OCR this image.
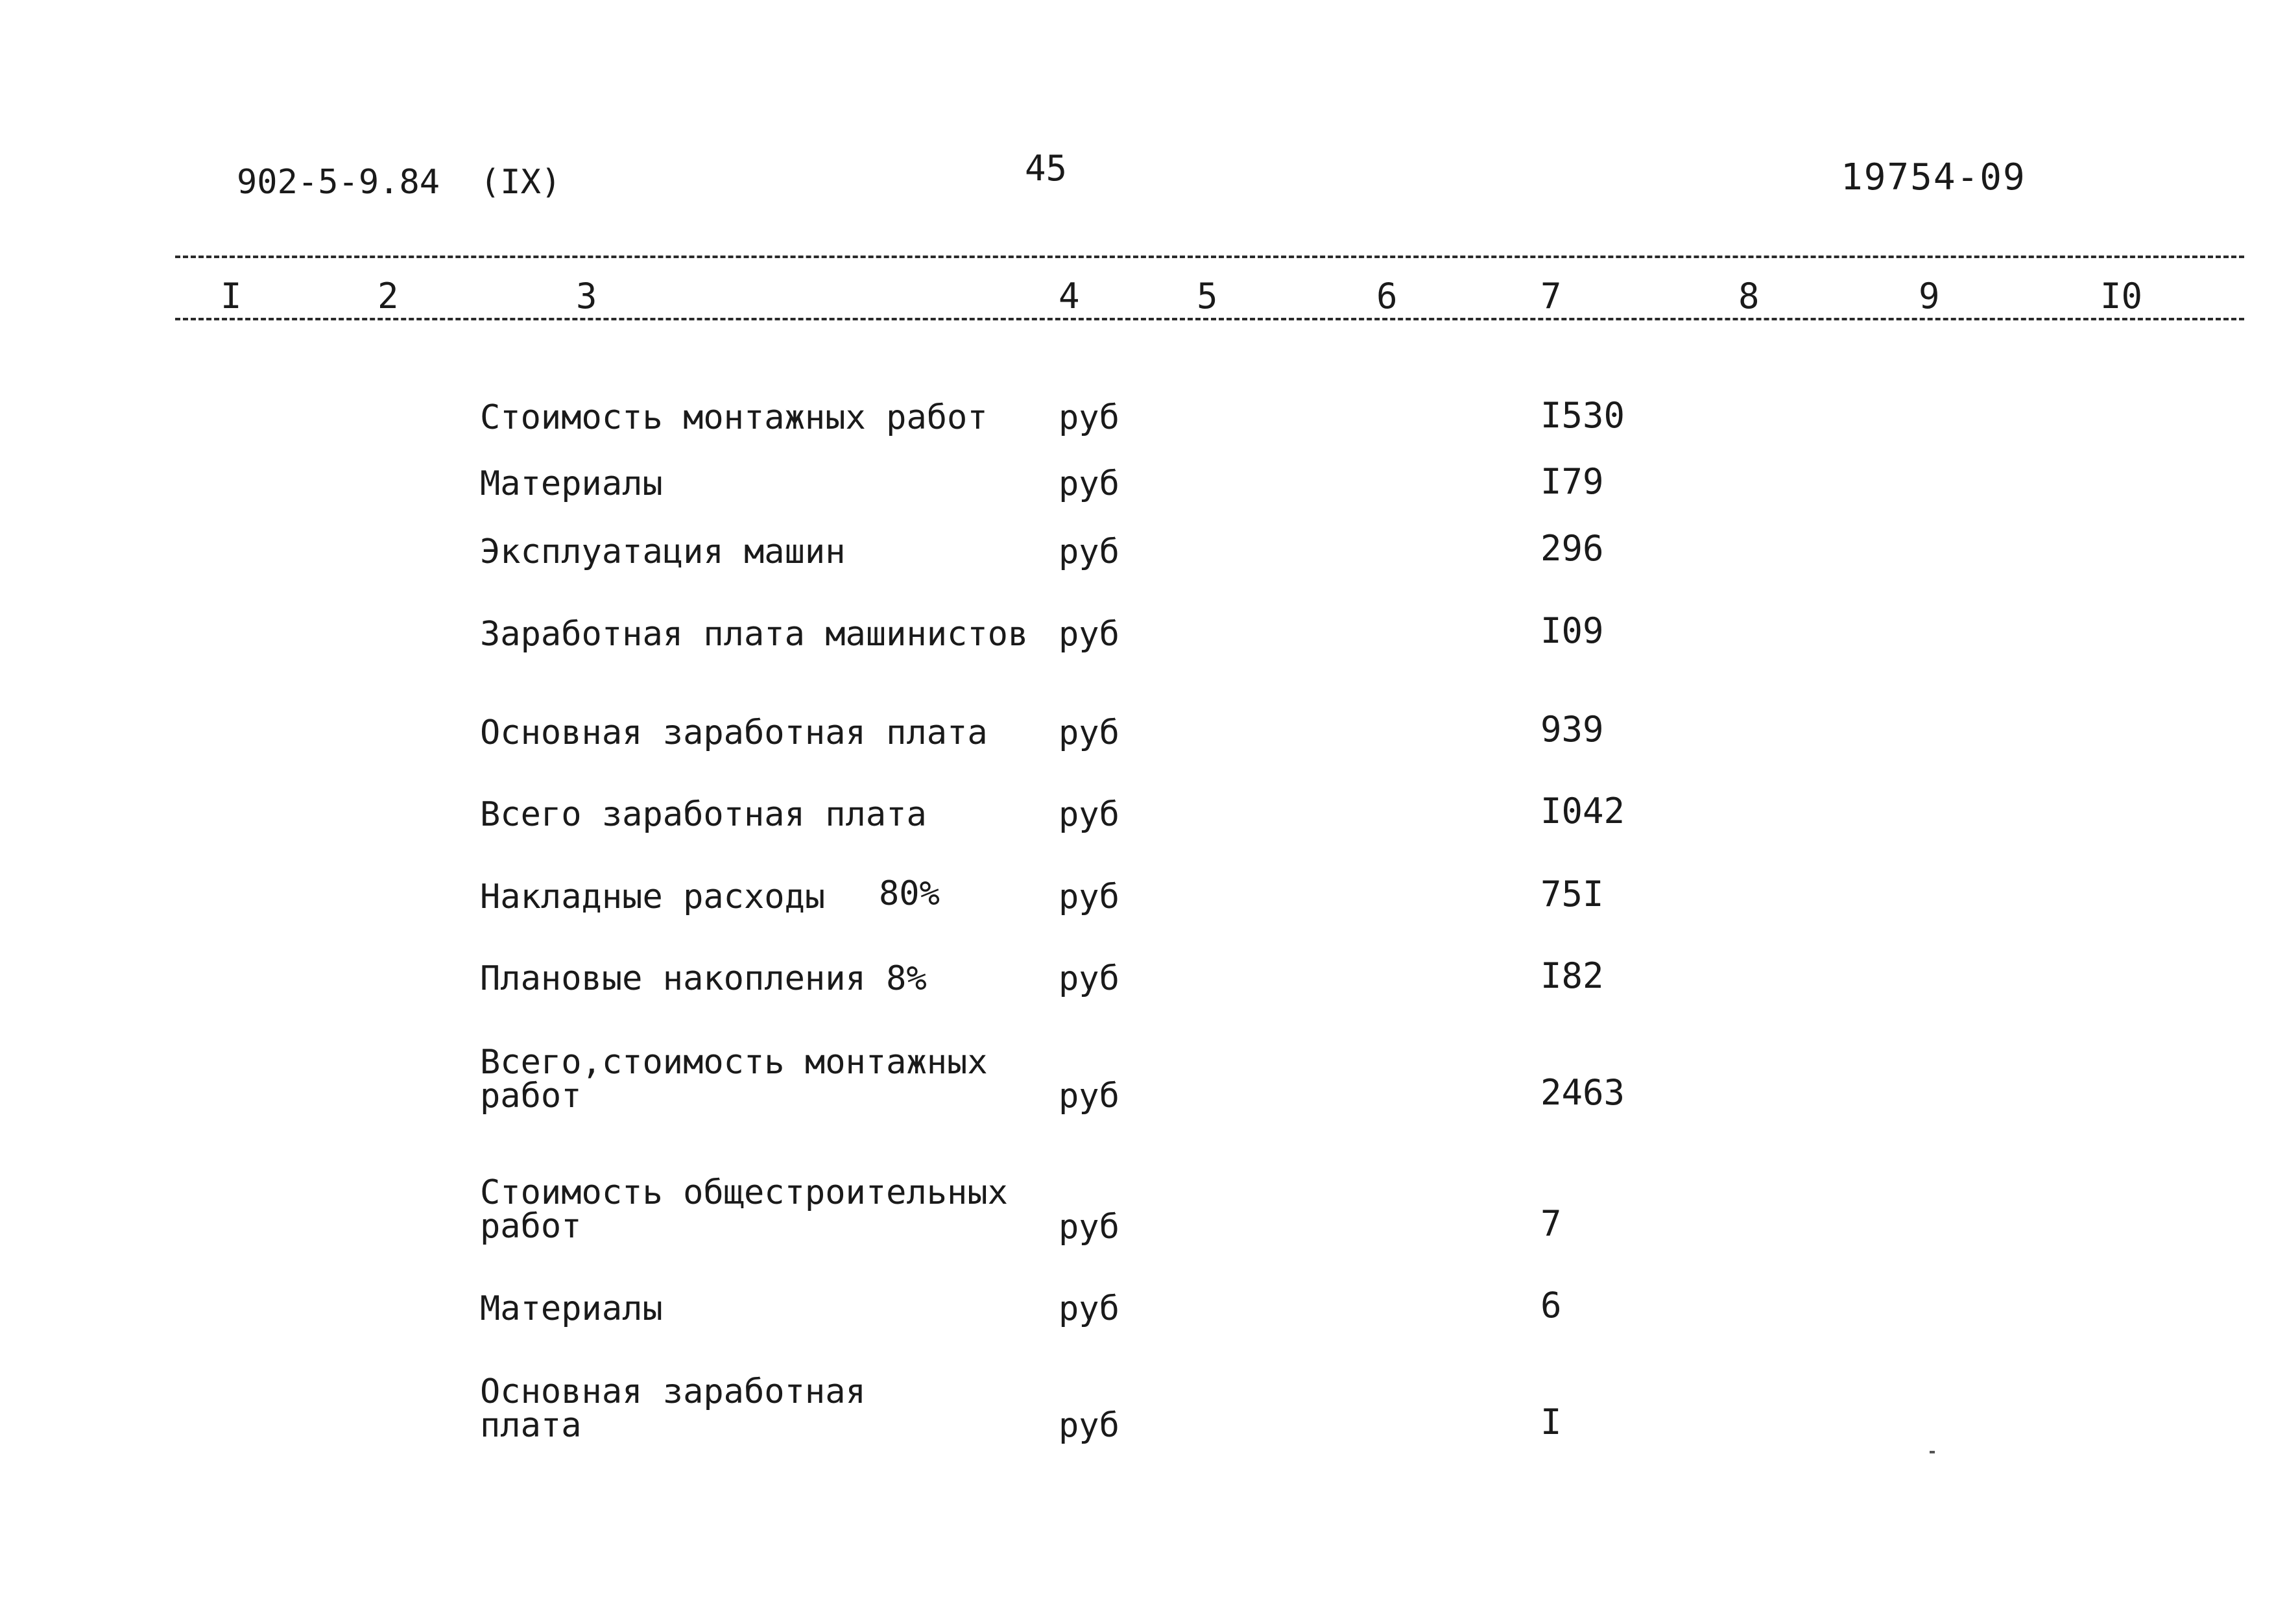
902-5-9.84 (IX)	45	19754-09
I	2	3	4	5	6	7	8	9	I0
Стоимость монтажных работ руб	I530
Материалы	руб	I79
Эксплуатация машин	руб	296
Заработная плата машинистов руб	I09
Основная заработная плата руб	939
Всего заработная плата	руб	I042
Накладные расходы 80%	руб	75I
Плановые накопления 8%	руб	I82
Всего,стоимость монтажных работ	руб	2463
Стоимость общестроительных работ	руб	7
Материалы	руб	6
Основная заработная плата	руб	I
